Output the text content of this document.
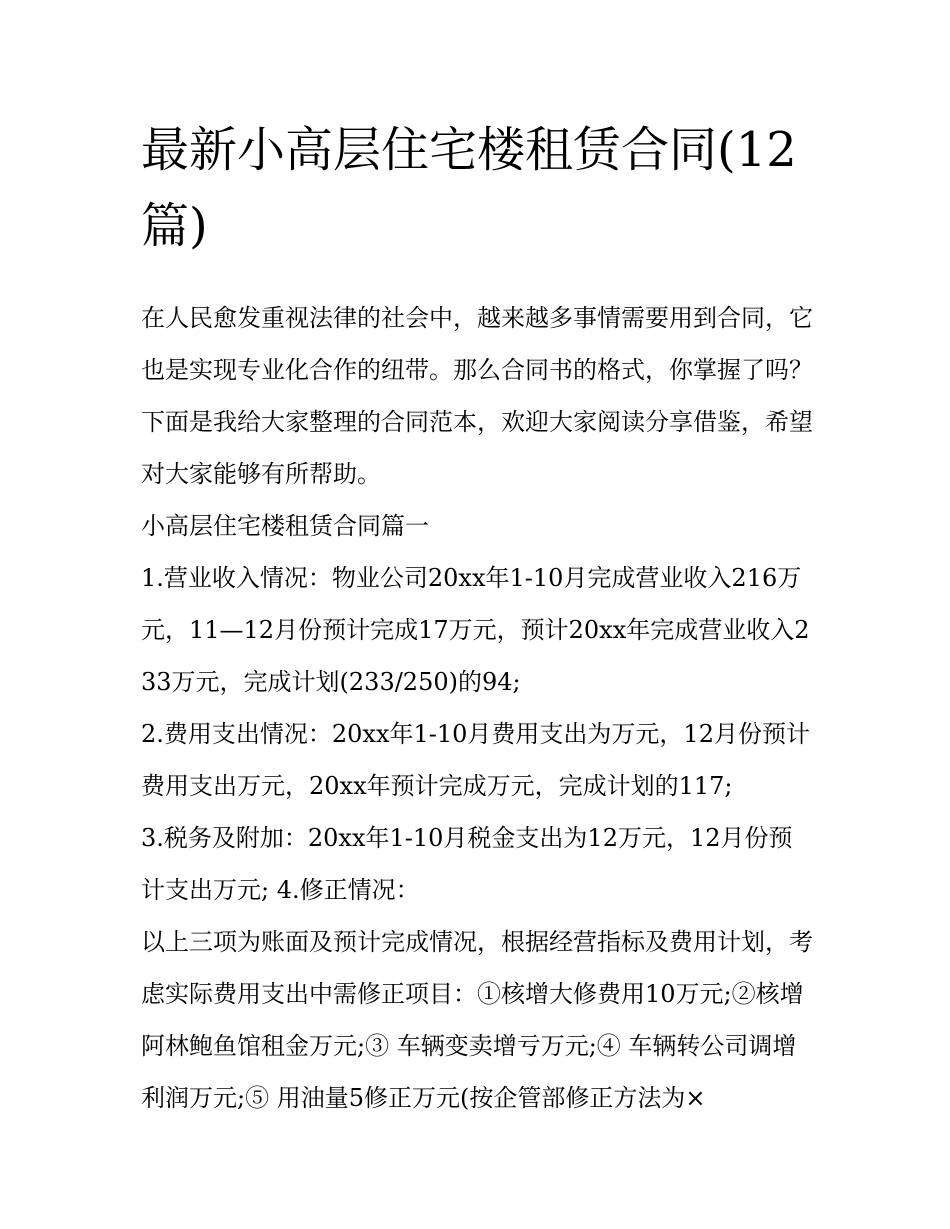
最新小高层住宅楼租赁合同(12篇)

在人民愈发重视法律的社会中，越来越多事情需要用到合同，它也是实现专业化合作的纽带。那么合同书的格式，你掌握了吗？下面是我给大家整理的合同范本，欢迎大家阅读分享借鉴，希望对大家能够有所帮助。

小高层住宅楼租赁合同篇一

1.营业收入情况：物业公司20xx年1-10月完成营业收入216万元，11—12月份预计完成17万元，预计20xx年完成营业收入233万元，完成计划(233/250)的94;

2.费用支出情况：20xx年1-10月费用支出为万元，12月份预计费用支出万元，20xx年预计完成万元，完成计划的117;

3.税务及附加：20xx年1-10月税金支出为12万元，12月份预计支出万元; 4.修正情况：

以上三项为账面及预计完成情况，根据经营指标及费用计划，考虑实际费用支出中需修正项目：①核增大修费用10万元;②核增阿林鲍鱼馆租金万元;③ 车辆变卖增亏万元;④ 车辆转公司调增利润万元;⑤ 用油量5修正万元(按企管部修正方法为×
